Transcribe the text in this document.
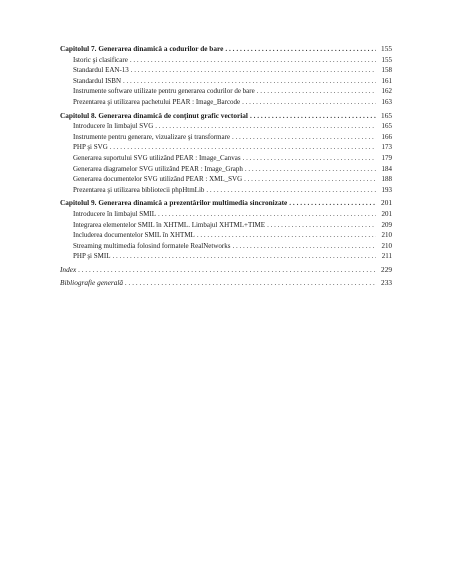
Capitolul 7. Generarea dinamică a codurilor de bare . . .	155
Istoric şi clasificare . . .	155
Standardul EAN-13 . . .	158
Standardul ISBN . . .	161
Instrumente software utilizate pentru generarea codurilor de bare . . .	162
Prezentarea şi utilizarea pachetului PEAR : Image_Barcode . . .	163
Capitolul 8. Generarea dinamică de conţinut grafic vectorial . . .	165
Introducere în limbajul SVG . . .	165
Instrumente pentru generare, vizualizare şi transformare . . .	166
PHP şi SVG . . .	173
Generarea suportului SVG utilizând PEAR : Image_Canvas . . .	179
Generarea diagramelor SVG utilizând PEAR : Image_Graph . . .	184
Generarea documentelor SVG utilizând PEAR : XML_SVG . . .	188
Prezentarea şi utilizarea bibliotecii phpHtmLib . . .	193
Capitolul 9. Generarea dinamică a prezentărilor multimedia sincronizate . . .	201
Introducere în limbajul SMIL . . .	201
Integrarea elementelor SMIL în XHTML. Limbajul XHTML+TIME . . .	209
Includerea documentelor SMIL în XHTML . . .	210
Streaming multimedia folosind formatele RealNetworks . . .	210
PHP şi SMIL . . .	211
Index . . .	229
Bibliografie generală . . .	233
